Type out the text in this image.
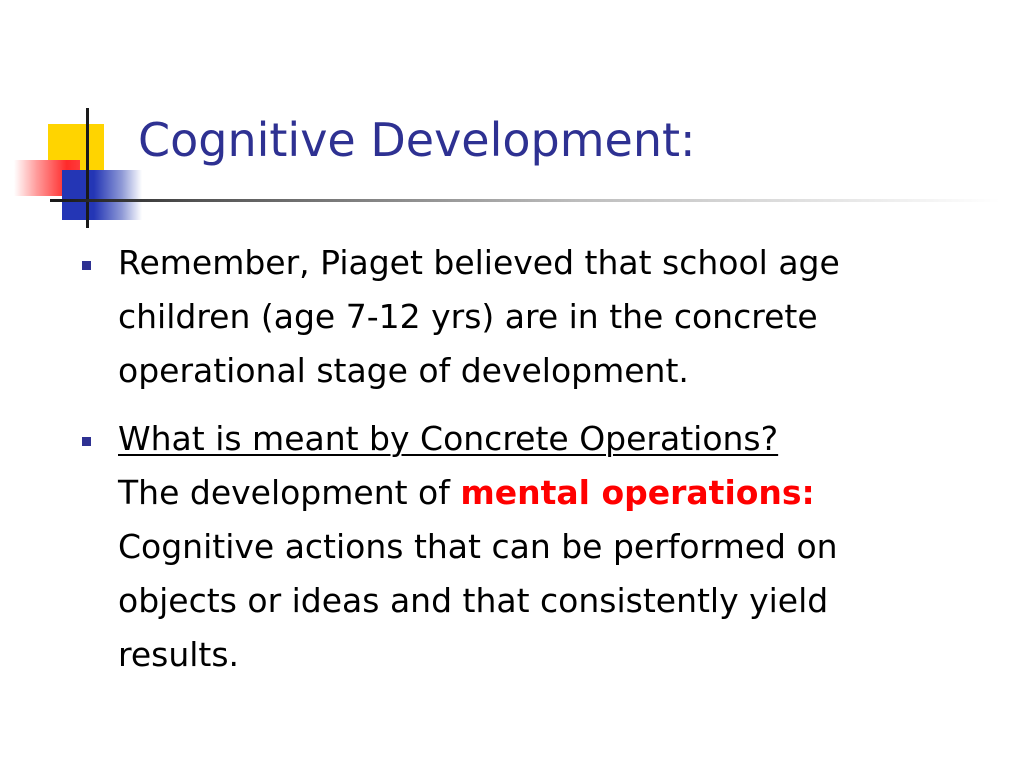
Cognitive Development:
Remember, Piaget believed that school age
children (age 7-12 yrs) are in the concrete
operational stage of development.
What is meant by Concrete Operations?
The development of mental operations:
Cognitive actions that can be performed on
objects or ideas and that consistently yield
results.
